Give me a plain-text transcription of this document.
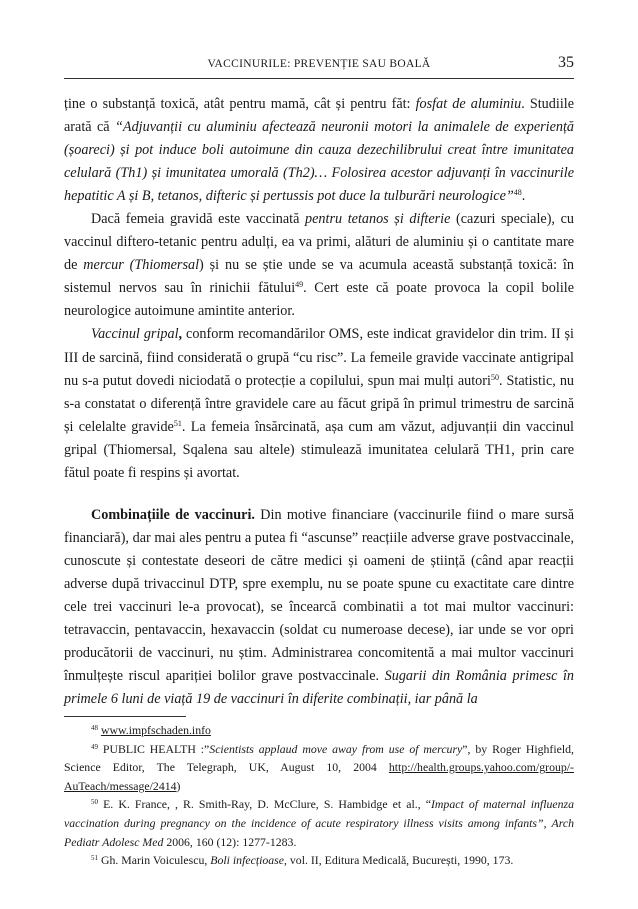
VACCINURILE: PREVENȚIE SAU BOALĂ	35

ține o substanță toxică, atât pentru mamă, cât și pentru făt: fosfat de aluminiu. Studiile arată că “Adjuvanții cu aluminiu afectează neuronii motori la animalele de experiență (șoareci) și pot induce boli autoimune din cauza dezechilibrului creat între imunitatea celulară (Th1) și imunitatea umorală (Th2)… Folosirea acestor adjuvanți în vaccinurile hepatitic A și B, tetanos, difteric și pertussis pot duce la tulburări neurologice”$^{48}$.

Dacă femeia gravidă este vaccinată pentru tetanos și difterie (cazuri speciale), cu vaccinul diftero-tetanic pentru adulți, ea va primi, alături de aluminiu și o cantitate mare de mercur (Thiomersal) și nu se știe unde se va acumula această substanță toxică: în sistemul nervos sau în rinichii fătului$^{49}$. Cert este că poate provoca la copil bolile neurologice autoimune amintite anterior.

Vaccinul gripal, conform recomandărilor OMS, este indicat gravidelor din trim. II și III de sarcină, fiind considerată o grupă “cu risc”. La femeile gravide vaccinate antigripal nu s-a putut dovedi niciodată o protecție a copilului, spun mai mulți autori$^{50}$. Statistic, nu s-a constatat o diferență între gravidele care au făcut gripă în primul trimestru de sarcină și celelalte gravide$^{51}$. La femeia însărcinată, așa cum am văzut, adjuvanții din vaccinul gripal (Thiomersal, Sqalena sau altele) stimulează imunitatea celulară TH1, prin care fătul poate fi respins și avortat.

Combinațiile de vaccinuri. Din motive financiare (vaccinurile fiind o mare sursă financiară), dar mai ales pentru a putea fi “ascunse” reacțiile adverse grave postvaccinale, cunoscute și contestate deseori de către medici și oameni de știință (când apar reacții adverse după trivaccinul DTP, spre exemplu, nu se poate spune cu exactitate care dintre cele trei vaccinuri le-a provocat), se încearcă combinatii a tot mai multor vaccinuri: tetravaccin, pentavaccin, hexavaccin (soldat cu numeroase decese), iar unde se vor opri producătorii de vaccinuri, nu știm. Administrarea concomitentă a mai multor vaccinuri înmulțește riscul apariției bolilor grave postvaccinale. Sugarii din România primesc în primele 6 luni de viață 19 de vaccinuri în diferite combinații, iar până la

$^{48}$ www.impfschaden.info

$^{49}$ PUBLIC HEALTH :”Scientists applaud move away from use of mercury”, by Roger Highfield, Science Editor, The Telegraph, UK, August 10, 2004 http://health.groups.yahoo.com/group/-AuTeach/message/2414)

$^{50}$ E. K. France, , R. Smith-Ray, D. McClure, S. Hambidge et al., “Impact of maternal influenza vaccination during pregnancy on the incidence of acute respiratory illness visits among infants”, Arch Pediatr Adolesc Med 2006, 160 (12): 1277-1283.

$^{51}$ Gh. Marin Voiculescu, Boli infecțioase, vol. II, Editura Medicală, București, 1990, 173.
